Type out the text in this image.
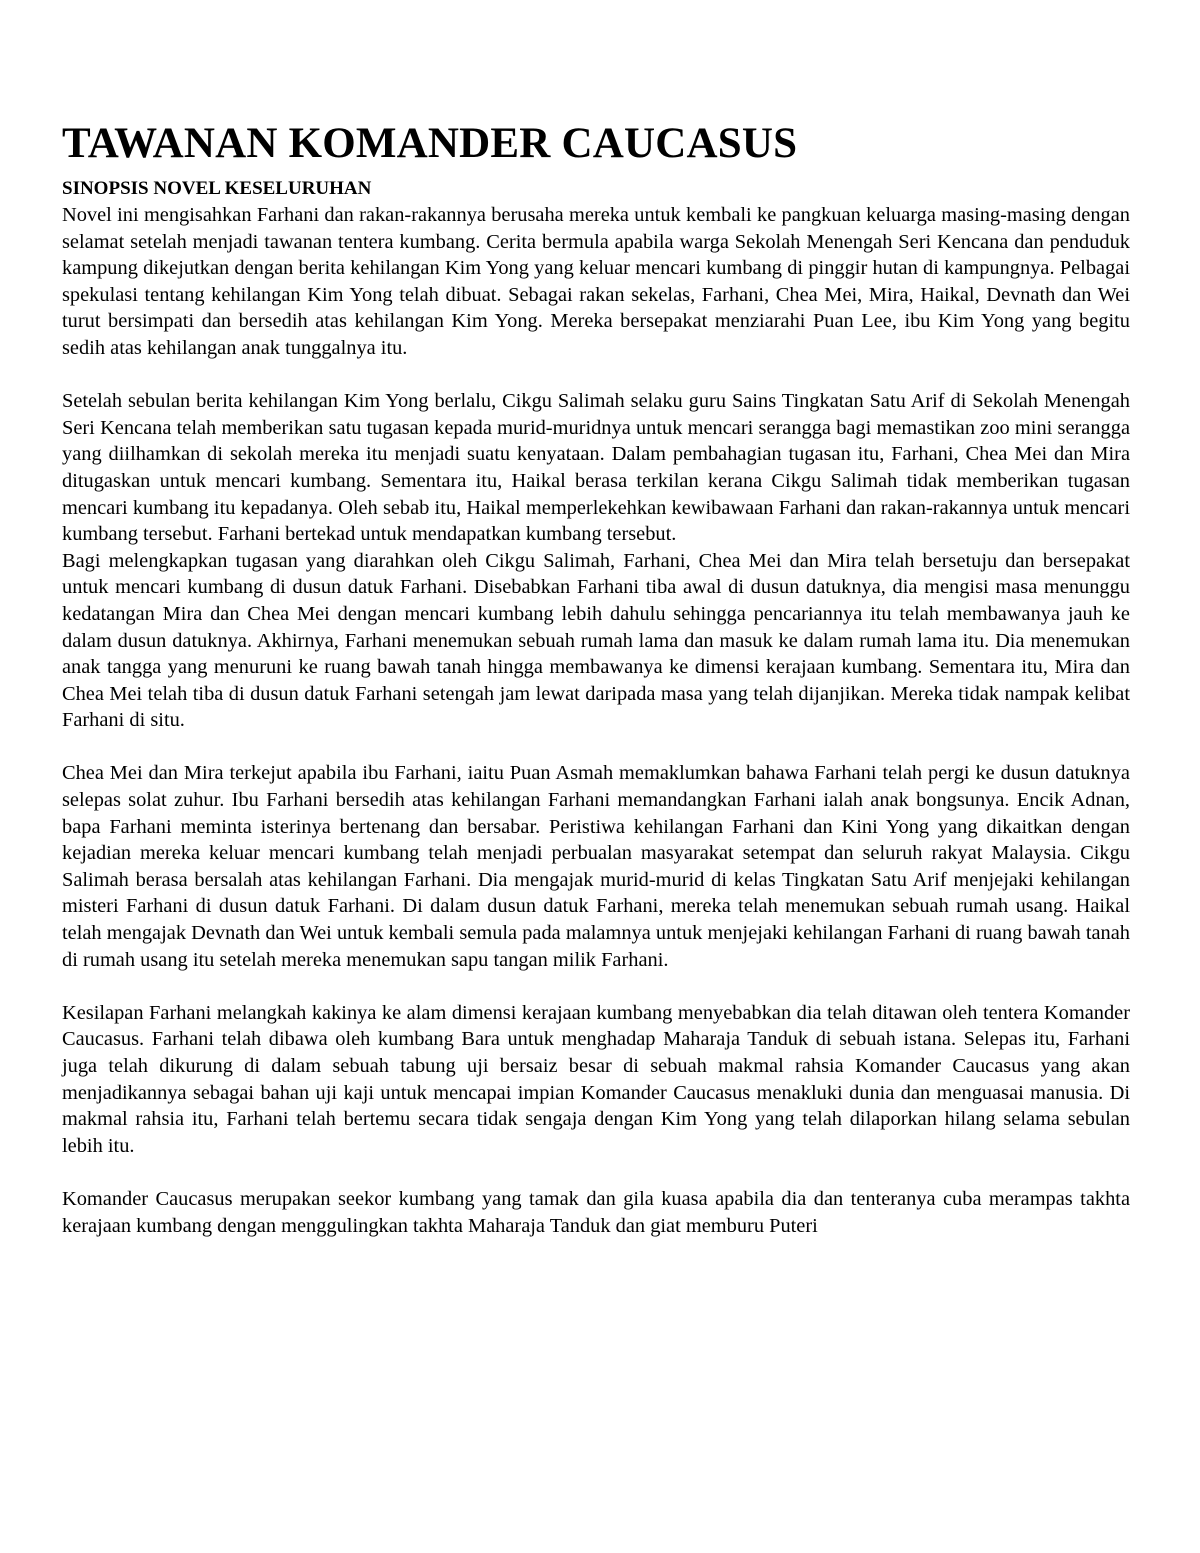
TAWANAN KOMANDER CAUCASUS
SINOPSIS NOVEL KESELURUHAN

Novel ini mengisahkan Farhani dan rakan-rakannya berusaha mereka untuk kembali ke pangkuan keluarga masing-masing dengan selamat setelah menjadi tawanan tentera kumbang. Cerita bermula apabila warga Sekolah Menengah Seri Kencana dan penduduk kampung dikejutkan dengan berita kehilangan Kim Yong yang keluar mencari kumbang di pinggir hutan di kampungnya. Pelbagai spekulasi tentang kehilangan Kim Yong telah dibuat. Sebagai rakan sekelas, Farhani, Chea Mei, Mira, Haikal, Devnath dan Wei turut bersimpati dan bersedih atas kehilangan Kim Yong. Mereka bersepakat menziarahi Puan Lee, ibu Kim Yong yang begitu sedih atas kehilangan anak tunggalnya itu.

Setelah sebulan berita kehilangan Kim Yong berlalu, Cikgu Salimah selaku guru Sains Tingkatan Satu Arif di Sekolah Menengah Seri Kencana telah memberikan satu tugasan kepada murid-muridnya untuk mencari serangga bagi memastikan zoo mini serangga yang diilhamkan di sekolah mereka itu menjadi suatu kenyataan. Dalam pembahagian tugasan itu, Farhani, Chea Mei dan Mira ditugaskan untuk mencari kumbang. Sementara itu, Haikal berasa terkilan kerana Cikgu Salimah tidak memberikan tugasan mencari kumbang itu kepadanya. Oleh sebab itu, Haikal memperlekehkan kewibawaan Farhani dan rakan-rakannya untuk mencari kumbang tersebut. Farhani bertekad untuk mendapatkan kumbang tersebut.

Bagi melengkapkan tugasan yang diarahkan oleh Cikgu Salimah, Farhani, Chea Mei dan Mira telah bersetuju dan bersepakat untuk mencari kumbang di dusun datuk Farhani. Disebabkan Farhani tiba awal di dusun datuknya, dia mengisi masa menunggu kedatangan Mira dan Chea Mei dengan mencari kumbang lebih dahulu sehingga pencariannya itu telah membawanya jauh ke dalam dusun datuknya. Akhirnya, Farhani menemukan sebuah rumah lama dan masuk ke dalam rumah lama itu. Dia menemukan anak tangga yang menuruni ke ruang bawah tanah hingga membawanya ke dimensi kerajaan kumbang. Sementara itu, Mira dan Chea Mei telah tiba di dusun datuk Farhani setengah jam lewat daripada masa yang telah dijanjikan. Mereka tidak nampak kelibat Farhani di situ.

Chea Mei dan Mira terkejut apabila ibu Farhani, iaitu Puan Asmah memaklumkan bahawa Farhani telah pergi ke dusun datuknya selepas solat zuhur. Ibu Farhani bersedih atas kehilangan Farhani memandangkan Farhani ialah anak bongsunya. Encik Adnan, bapa Farhani meminta isterinya bertenang dan bersabar. Peristiwa kehilangan Farhani dan Kini Yong yang dikaitkan dengan kejadian mereka keluar mencari kumbang telah menjadi perbualan masyarakat setempat dan seluruh rakyat Malaysia. Cikgu Salimah berasa bersalah atas kehilangan Farhani. Dia mengajak murid-murid di kelas Tingkatan Satu Arif menjejaki kehilangan misteri Farhani di dusun datuk Farhani. Di dalam dusun datuk Farhani, mereka telah menemukan sebuah rumah usang. Haikal telah mengajak Devnath dan Wei untuk kembali semula pada malamnya untuk menjejaki kehilangan Farhani di ruang bawah tanah di rumah usang itu setelah mereka menemukan sapu tangan milik Farhani.

Kesilapan Farhani melangkah kakinya ke alam dimensi kerajaan kumbang menyebabkan dia telah ditawan oleh tentera Komander Caucasus. Farhani telah dibawa oleh kumbang Bara untuk menghadap Maharaja Tanduk di sebuah istana. Selepas itu, Farhani juga telah dikurung di dalam sebuah tabung uji bersaiz besar di sebuah makmal rahsia Komander Caucasus yang akan menjadikannya sebagai bahan uji kaji untuk mencapai impian Komander Caucasus menakluki dunia dan menguasai manusia. Di makmal rahsia itu, Farhani telah bertemu secara tidak sengaja dengan Kim Yong yang telah dilaporkan hilang selama sebulan lebih itu.

Komander Caucasus merupakan seekor kumbang yang tamak dan gila kuasa apabila dia dan tenteranya cuba merampas takhta kerajaan kumbang dengan menggulingkan takhta Maharaja Tanduk dan giat memburu Puteri
